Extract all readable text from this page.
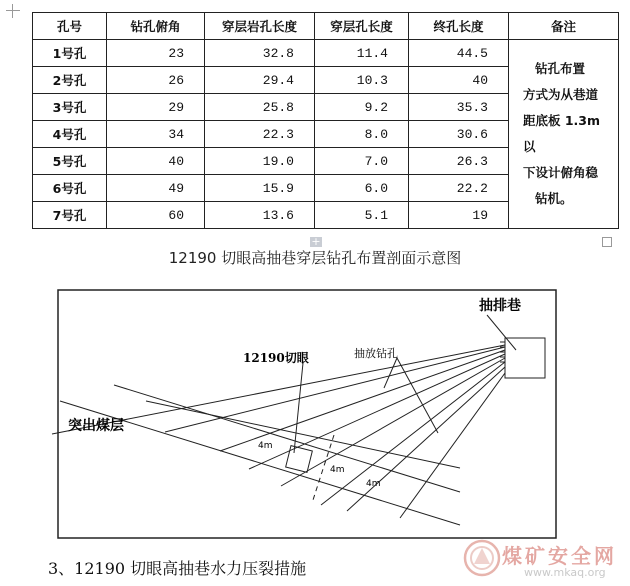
孔号	钻孔俯角	穿层岩孔长度	穿层孔长度	终孔长度	备注
1号孔	23	32.8	11.4	44.5	钻孔布置
方式为从巷道
距底板 1.3m以
下设计俯角稳
钻机。

2号孔	26	29.4	10.3	40	
3号孔	29	25.8	9.2	35.3	
4号孔	34	22.3	8.0	30.6	
5号孔	40	19.0	7.0	26.3	
6号孔	49	15.9	6.0	22.2	
7号孔	60	13.6	5.1	19	
+
12190 切眼高抽巷穿层钻孔布置剖面示意图
抽排巷
12190切眼	抽放钻孔
突出煤层
4m
4m
4m
3、12190 切眼高抽巷水力压裂措施
煤矿安全网
www.mkaq.org
